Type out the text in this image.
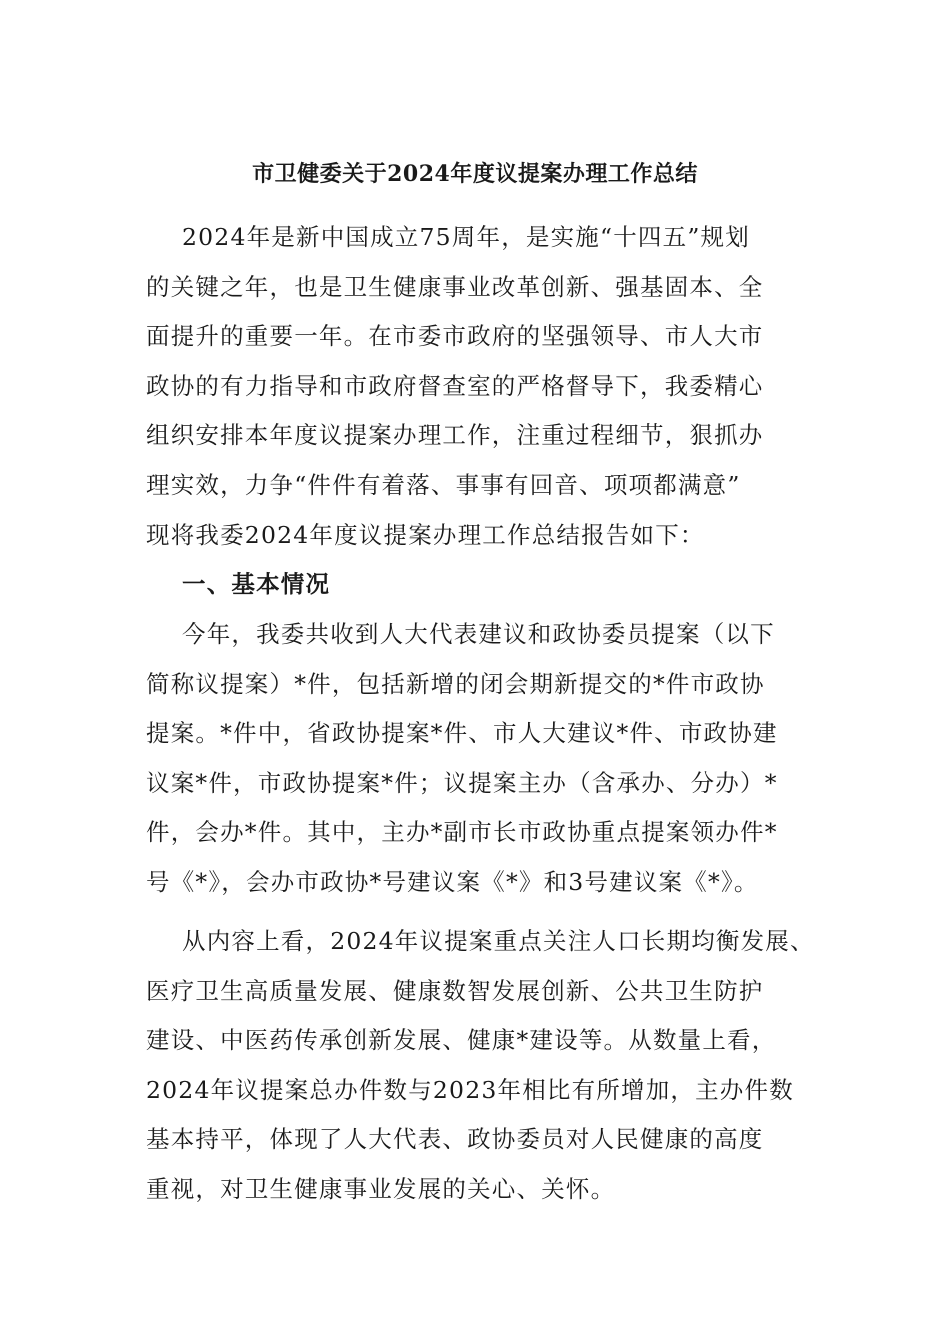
市卫健委关于2024年度议提案办理工作总结
2024年是新中国成立75周年，是实施“十四五”规划
的关键之年，也是卫生健康事业改革创新、强基固本、全
面提升的重要一年。在市委市政府的坚强领导、市人大市
政协的有力指导和市政府督查室的严格督导下，我委精心
组织安排本年度议提案办理工作，注重过程细节，狠抓办
理实效，力争“件件有着落、事事有回音、项项都满意”
现将我委2024年度议提案办理工作总结报告如下：
一、基本情况
今年，我委共收到人大代表建议和政协委员提案（以下
简称议提案）*件，包括新增的闭会期新提交的*件市政协
提案。*件中，省政协提案*件、市人大建议*件、市政协建
议案*件，市政协提案*件；议提案主办（含承办、分办）*
件，会办*件。其中，主办*副市长市政协重点提案领办件*
号《*》，会办市政协*号建议案《*》和3号建议案《*》。
从内容上看，2024年议提案重点关注人口长期均衡发展、
医疗卫生高质量发展、健康数智发展创新、公共卫生防护
建设、中医药传承创新发展、健康*建设等。从数量上看，
2024年议提案总办件数与2023年相比有所增加，主办件数
基本持平，体现了人大代表、政协委员对人民健康的高度
重视，对卫生健康事业发展的关心、关怀。
